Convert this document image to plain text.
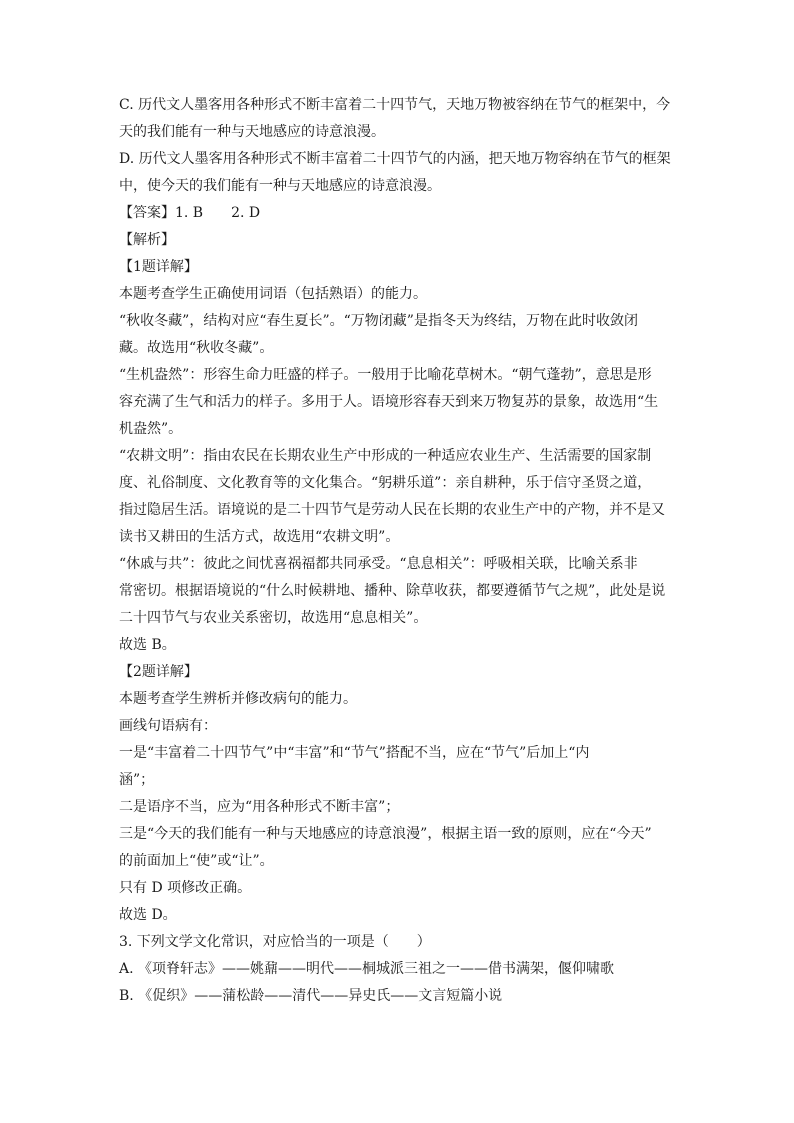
C. 历代文人墨客用各种形式不断丰富着二十四节气，天地万物被容纳在节气的框架中，今
天的我们能有一种与天地感应的诗意浪漫。
D. 历代文人墨客用各种形式不断丰富着二十四节气的内涵，把天地万物容纳在节气的框架
中，使今天的我们能有一种与天地感应的诗意浪漫。
【答案】1. B　　2. D
【解析】
【1题详解】
本题考查学生正确使用词语（包括熟语）的能力。
“秋收冬藏”，结构对应“春生夏长”。“万物闭藏”是指冬天为终结，万物在此时收敛闭
藏。故选用“秋收冬藏”。
“生机盎然”：形容生命力旺盛的样子。一般用于比喻花草树木。“朝气蓬勃”，意思是形
容充满了生气和活力的样子。多用于人。语境形容春天到来万物复苏的景象，故选用“生
机盎然”。
“农耕文明”：指由农民在长期农业生产中形成的一种适应农业生产、生活需要的国家制
度、礼俗制度、文化教育等的文化集合。“躬耕乐道”：亲自耕种，乐于信守圣贤之道，
指过隐居生活。语境说的是二十四节气是劳动人民在长期的农业生产中的产物，并不是又
读书又耕田的生活方式，故选用“农耕文明”。
“休戚与共”：彼此之间忧喜祸福都共同承受。“息息相关”：呼吸相关联，比喻关系非
常密切。根据语境说的“什么时候耕地、播种、除草收获，都要遵循节气之规”，此处是说
二十四节气与农业关系密切，故选用“息息相关”。
故选 B。
【2题详解】
本题考查学生辨析并修改病句的能力。
画线句语病有：
一是“丰富着二十四节气”中“丰富”和“节气”搭配不当，应在“节气”后加上“内
涵”；
二是语序不当，应为“用各种形式不断丰富”；
三是“今天的我们能有一种与天地感应的诗意浪漫”，根据主语一致的原则，应在“今天”
的前面加上“使”或“让”。
只有 D 项修改正确。
故选 D。
3. 下列文学文化常识，对应恰当的一项是（　　）
A. 《项脊轩志》——姚鼐——明代——桐城派三祖之一——借书满架，偃仰啸歌
B. 《促织》——蒲松龄——清代——异史氏——文言短篇小说
